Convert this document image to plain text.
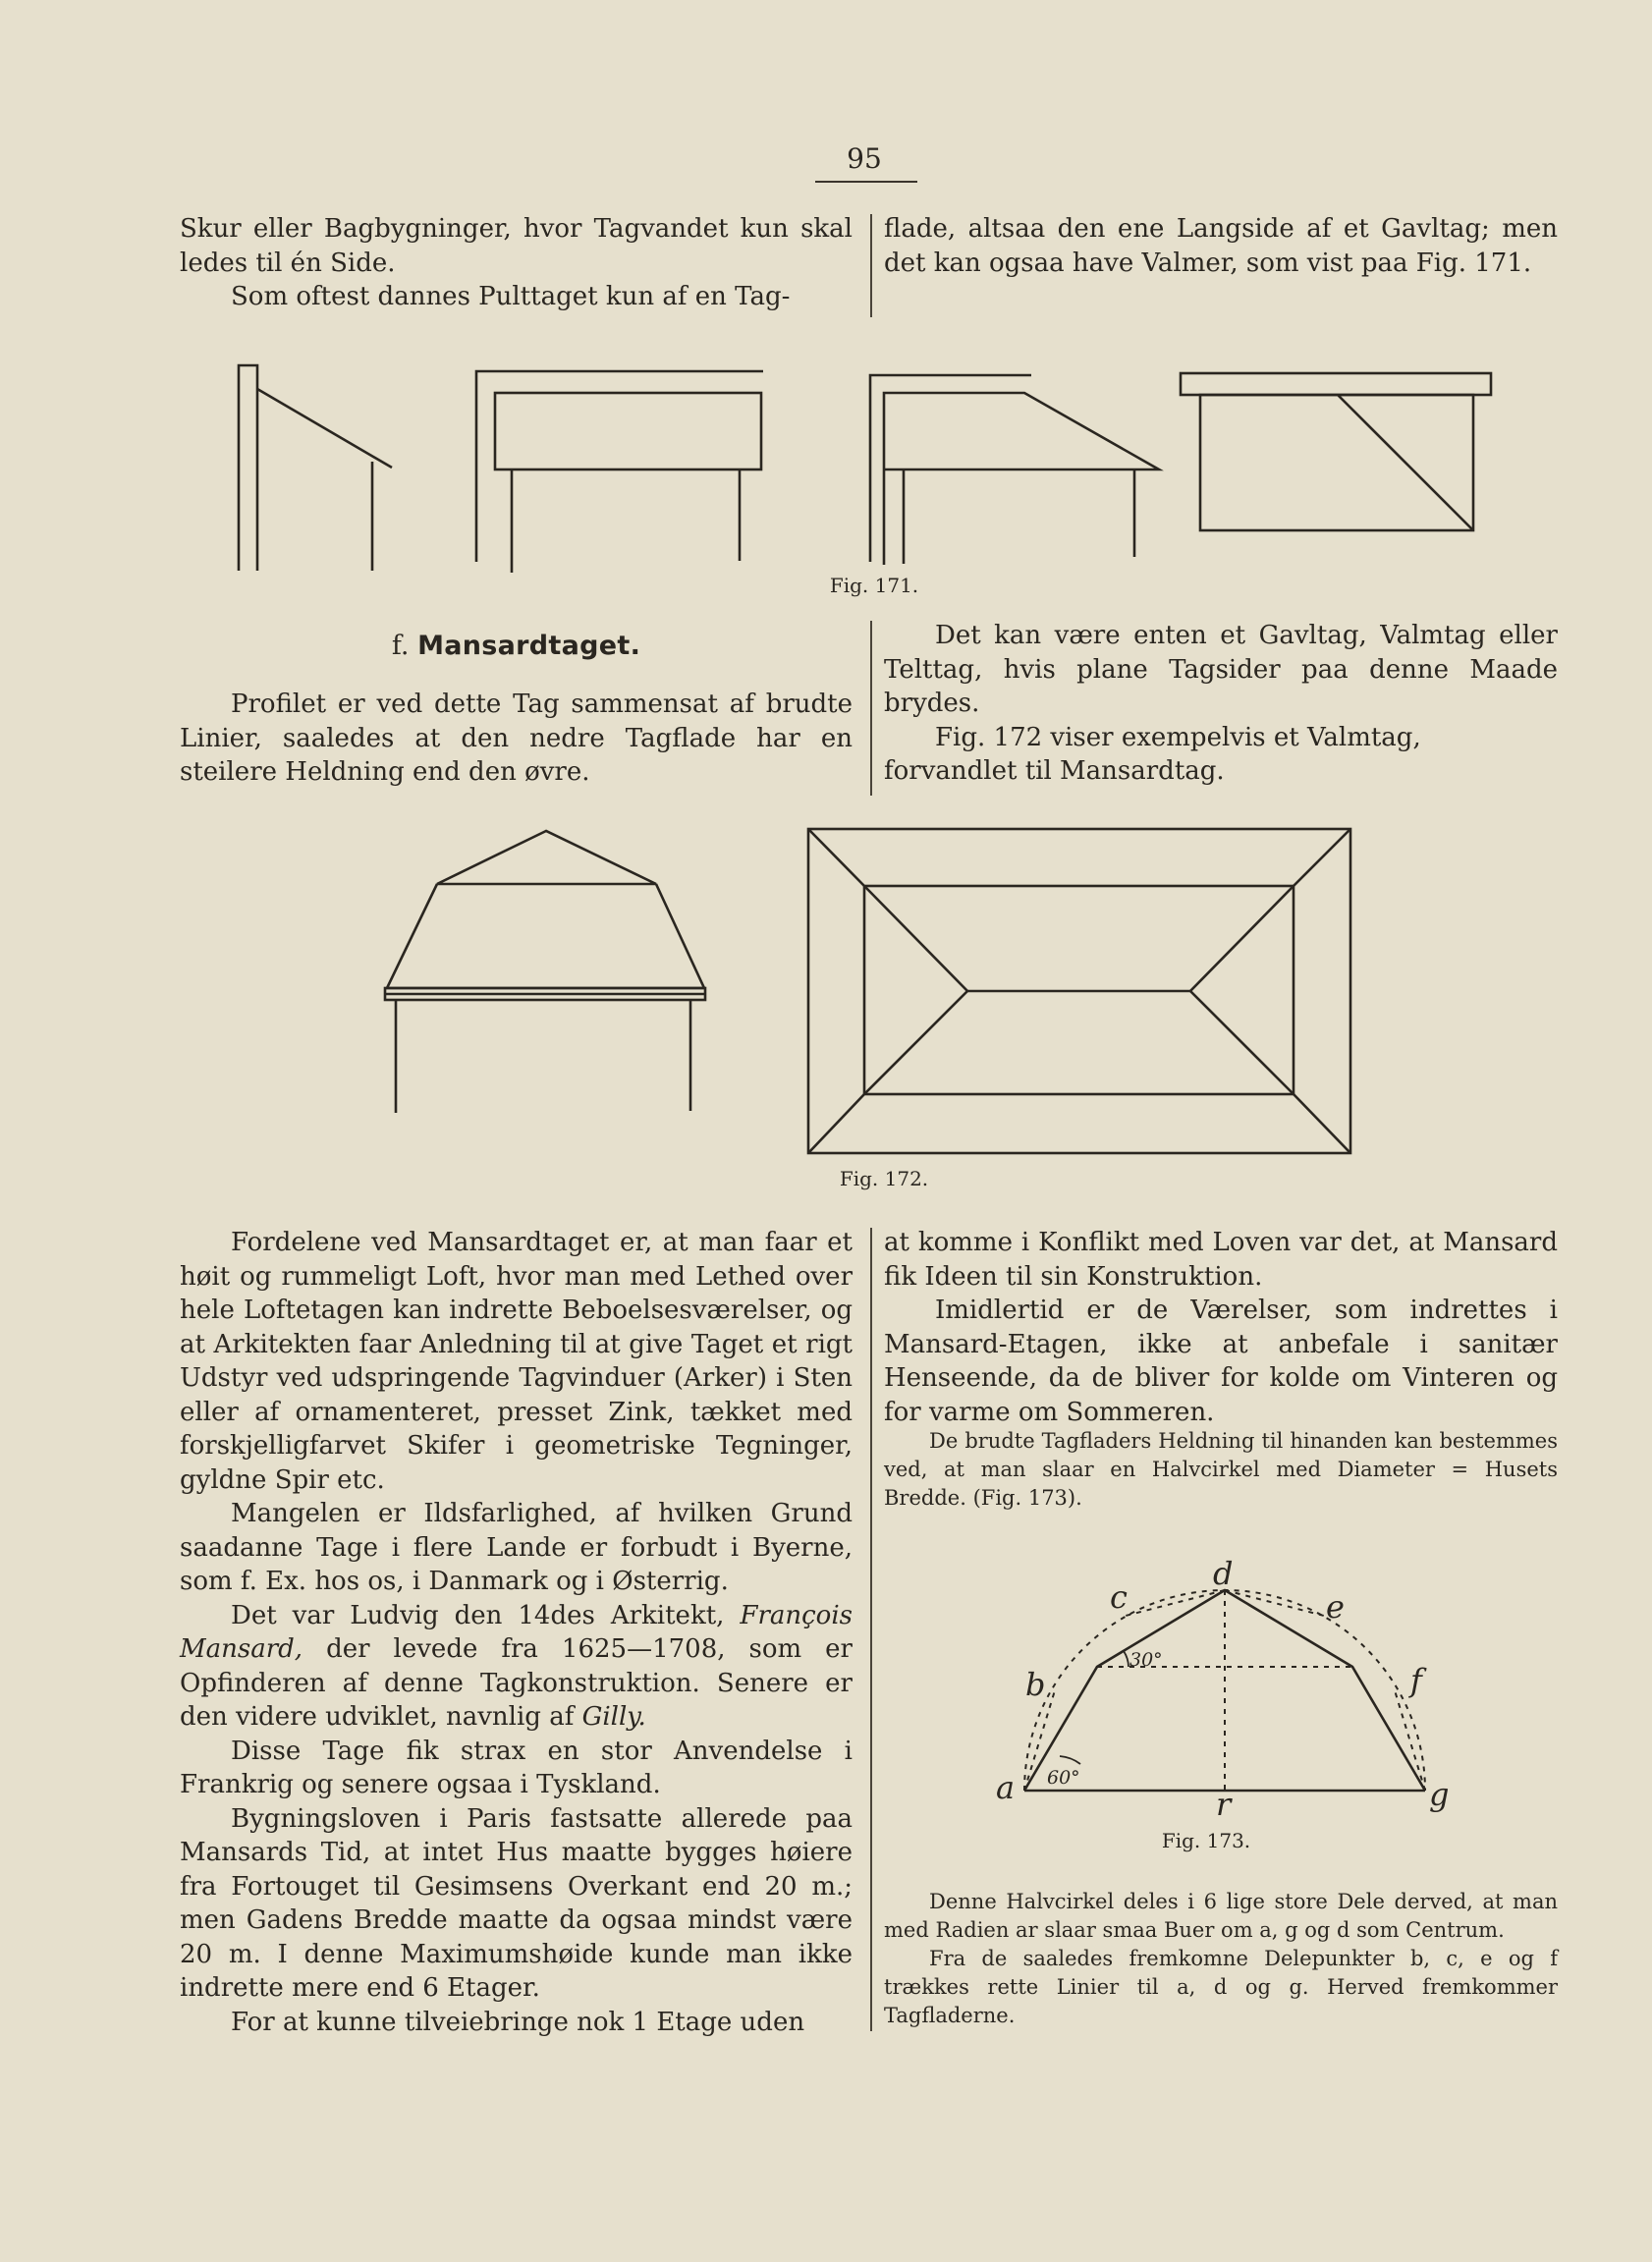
95

Skur eller Bagbygninger, hvor Tagvandet kun skal ledes til én Side.

Som oftest dannes Pulttaget kun af en Tag-

flade, altsaa den ene Langside af et Gavltag; men det kan ogsaa have Valmer, som vist paa Fig. 171.

Fig. 171.
f. Mansardtaget.

Profilet er ved dette Tag sammensat af brudte Linier, saaledes at den nedre Tagflade har en steilere Heldning end den øvre.

Det kan være enten et Gavltag, Valmtag eller Telttag, hvis plane Tagsider paa denne Maade brydes.

Fig. 172 viser exempelvis et Valmtag, forvandlet til Mansardtag.

Fig. 172.

Fordelene ved Mansardtaget er, at man faar et høit og rummeligt Loft, hvor man med Lethed over hele Loftetagen kan indrette Beboelsesværelser, og at Arkitekten faar Anledning til at give Taget et rigt Udstyr ved udspringende Tagvinduer (Arker) i Sten eller af ornamenteret, presset Zink, tækket med forskjelligfarvet Skifer i geometriske Tegninger, gyldne Spir etc.

Mangelen er Ildsfarlighed, af hvilken Grund saadanne Tage i flere Lande er forbudt i Byerne, som f. Ex. hos os, i Danmark og i Østerrig.

Det var Ludvig den 14des Arkitekt, François Mansard, der levede fra 1625—1708, som er Opfinderen af denne Tagkonstruktion. Senere er den videre udviklet, navnlig af Gilly.

Disse Tage fik strax en stor Anvendelse i Frankrig og senere ogsaa i Tyskland.

Bygningsloven i Paris fastsatte allerede paa Mansards Tid, at intet Hus maatte bygges høiere fra Fortouget til Gesimsens Overkant end 20 m.; men Gadens Bredde maatte da ogsaa mindst være 20 m. I denne Maximumshøide kunde man ikke indrette mere end 6 Etager.

For at kunne tilveiebringe nok 1 Etage uden

at komme i Konflikt med Loven var det, at Mansard fik Ideen til sin Konstruktion.

Imidlertid er de Værelser, som indrettes i Mansard-Etagen, ikke at anbefale i sanitær Henseende, da de bliver for kolde om Vinteren og for varme om Sommeren.

De brudte Tagfladers Heldning til hinanden kan bestemmes ved, at man slaar en Halvcirkel med Diameter = Husets Bredde. (Fig. 173).

a
b
c
d
e
f
g
r
60°
30°
Fig. 173.

Denne Halvcirkel deles i 6 lige store Dele derved, at man med Radien ar slaar smaa Buer om a, g og d som Centrum.

Fra de saaledes fremkomne Delepunkter b, c, e og f trækkes rette Linier til a, d og g. Herved fremkommer Tagfladerne.
